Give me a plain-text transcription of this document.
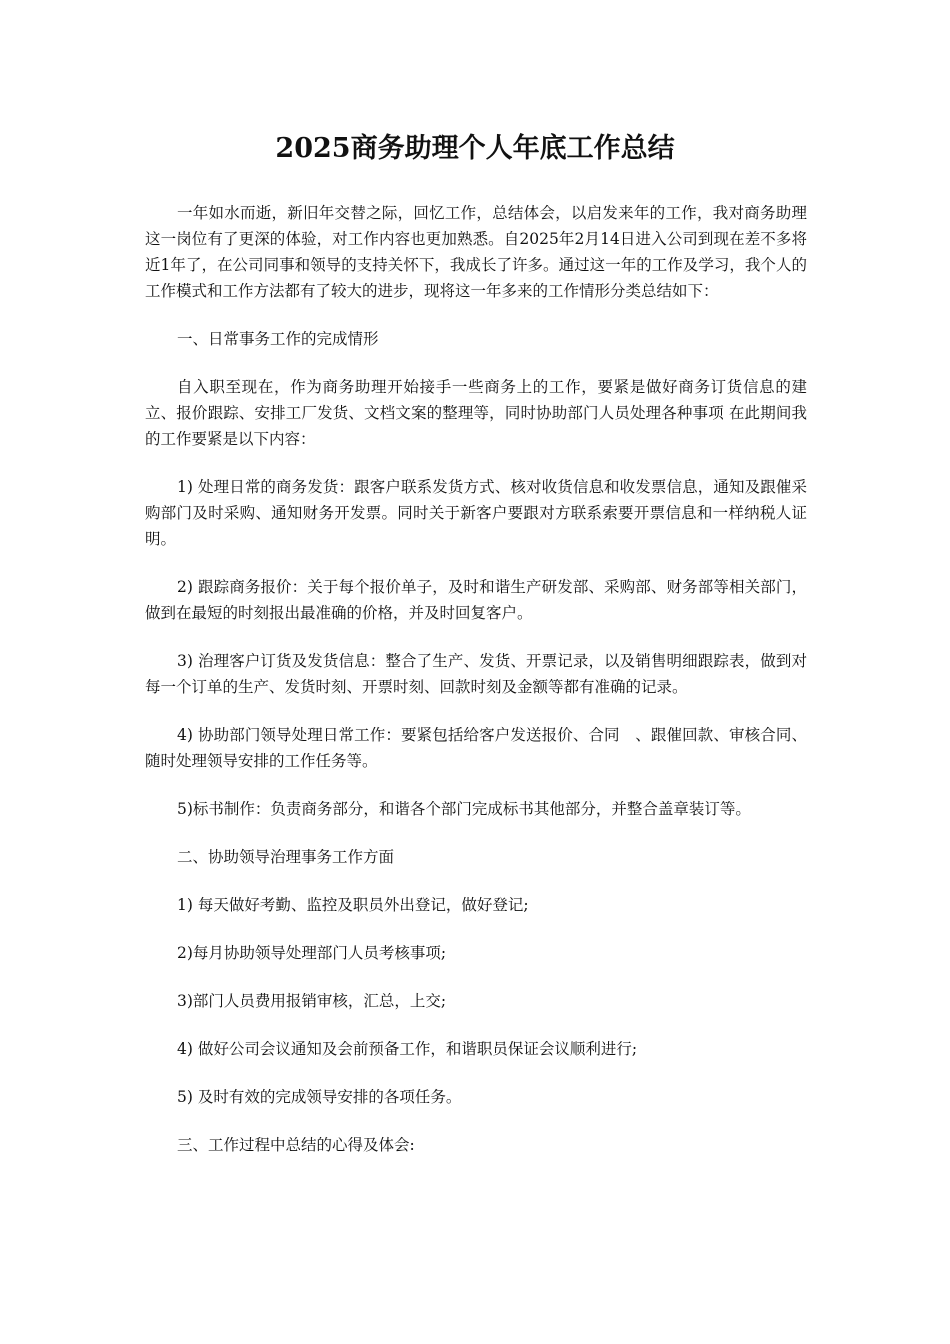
2025商务助理个人年底工作总结

一年如水而逝，新旧年交替之际，回忆工作，总结体会，以启发来年的工作，我对商务助理这一岗位有了更深的体验，对工作内容也更加熟悉。自2025年2月14日进入公司到现在差不多将近1年了，在公司同事和领导的支持关怀下，我成长了许多。通过这一年的工作及学习，我个人的工作模式和工作方法都有了较大的进步，现将这一年多来的工作情形分类总结如下：

一、日常事务工作的完成情形

自入职至现在，作为商务助理开始接手一些商务上的工作，要紧是做好商务订货信息的建立、报价跟踪、安排工厂发货、文档文案的整理等，同时协助部门人员处理各种事项 在此期间我的工作要紧是以下内容：

1) 处理日常的商务发货：跟客户联系发货方式、核对收货信息和收发票信息，通知及跟催采购部门及时采购、通知财务开发票。同时关于新客户要跟对方联系索要开票信息和一样纳税人证明。

2) 跟踪商务报价：关于每个报价单子，及时和谐生产研发部、采购部、财务部等相关部门，做到在最短的时刻报出最准确的价格，并及时回复客户。

3) 治理客户订货及发货信息：整合了生产、发货、开票记录，以及销售明细跟踪表，做到对每一个订单的生产、发货时刻、开票时刻、回款时刻及金额等都有准确的记录。

4) 协助部门领导处理日常工作：要紧包括给客户发送报价、合同　、跟催回款、审核合同、随时处理领导安排的工作任务等。

5)标书制作：负责商务部分，和谐各个部门完成标书其他部分，并整合盖章装订等。

二、协助领导治理事务工作方面

1) 每天做好考勤、监控及职员外出登记，做好登记;

2)每月协助领导处理部门人员考核事项;

3)部门人员费用报销审核，汇总，上交;

4) 做好公司会议通知及会前预备工作，和谐职员保证会议顺利进行;

5) 及时有效的完成领导安排的各项任务。

三、工作过程中总结的心得及体会:
